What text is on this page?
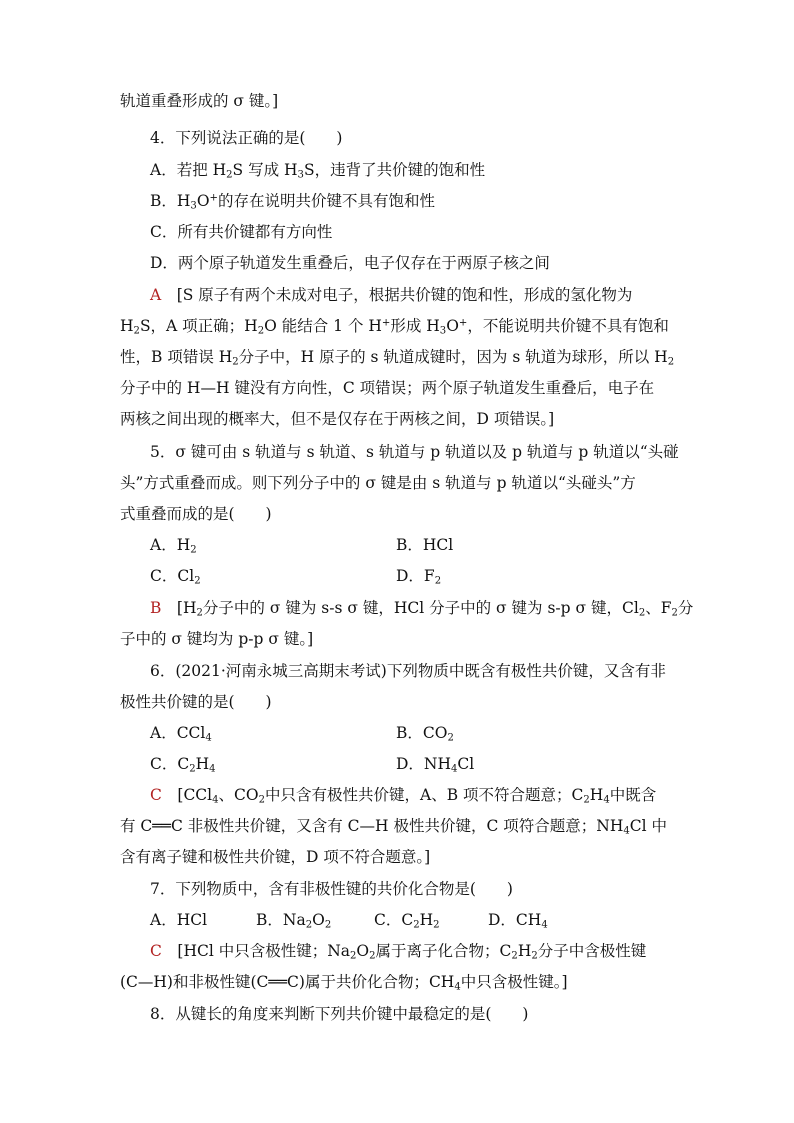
轨道重叠形成的 σ 键。]
4．下列说法正确的是(　　)
A．若把 $H_2S$ 写成 $H_3S$，违背了共价键的饱和性
B．$H_3O^+$的存在说明共价键不具有饱和性
C．所有共价键都有方向性
D．两个原子轨道发生重叠后，电子仅存在于两原子核之间
A　 [S 原子有两个未成对电子，根据共价键的饱和性，形成的氢化物为
$H_2S$，A 项正确；$H_2O$ 能结合 1 个 H+形成 $H_3O^+$，不能说明共价键不具有饱和
性，B 项错误 $H_2$分子中，H 原子的 s 轨道成键时，因为 s 轨道为球形，所以 $H_2$
分子中的 H—H 键没有方向性，C 项错误；两个原子轨道发生重叠后，电子在
两核之间出现的概率大，但不是仅存在于两核之间，D 项错误。]
5．σ 键可由 s 轨道与 s 轨道、s 轨道与 p 轨道以及 p 轨道与 p 轨道以“头碰
头”方式重叠而成。则下列分子中的 σ 键是由 s 轨道与 p 轨道以“头碰头”方
式重叠而成的是(　　)
A．$H_2$	B．HCl
C．$Cl_2$	D．$F_2$
B　 [$H_2$分子中的 σ 键为 s-s σ 键，HCl 分子中的 σ 键为 s-p σ 键，$Cl_2$、$F_2$分
子中的 σ 键均为 p-p σ 键。]
6．(2021·河南永城三高期末考试)下列物质中既含有极性共价键，又含有非
极性共价键的是(　　)
A．CCl$_4$	B．$CO_2$
C．$C_2H_4$	D．$NH_4Cl$
C　 [CCl$_4$、$CO_2$中只含有极性共价键，A、B 项不符合题意；$C_2H_4$中既含
有 C══C 非极性共价键，又含有 C—H 极性共价键，C 项符合题意；$NH_4Cl$ 中
含有离子键和极性共价键，D 项不符合题意。]
7．下列物质中，含有非极性键的共价化合物是(　　)
A．HCl	B．$Na_2O_2$	C．$C_2H_2$	D．$CH_4$
C　 [HCl 中只含极性键；$Na_2O_2$属于离子化合物；$C_2H_2$分子中含极性键
(C—H)和非极性键(C══C)属于共价化合物；$CH_4$中只含极性键。]
8．从键长的角度来判断下列共价键中最稳定的是(　　)
